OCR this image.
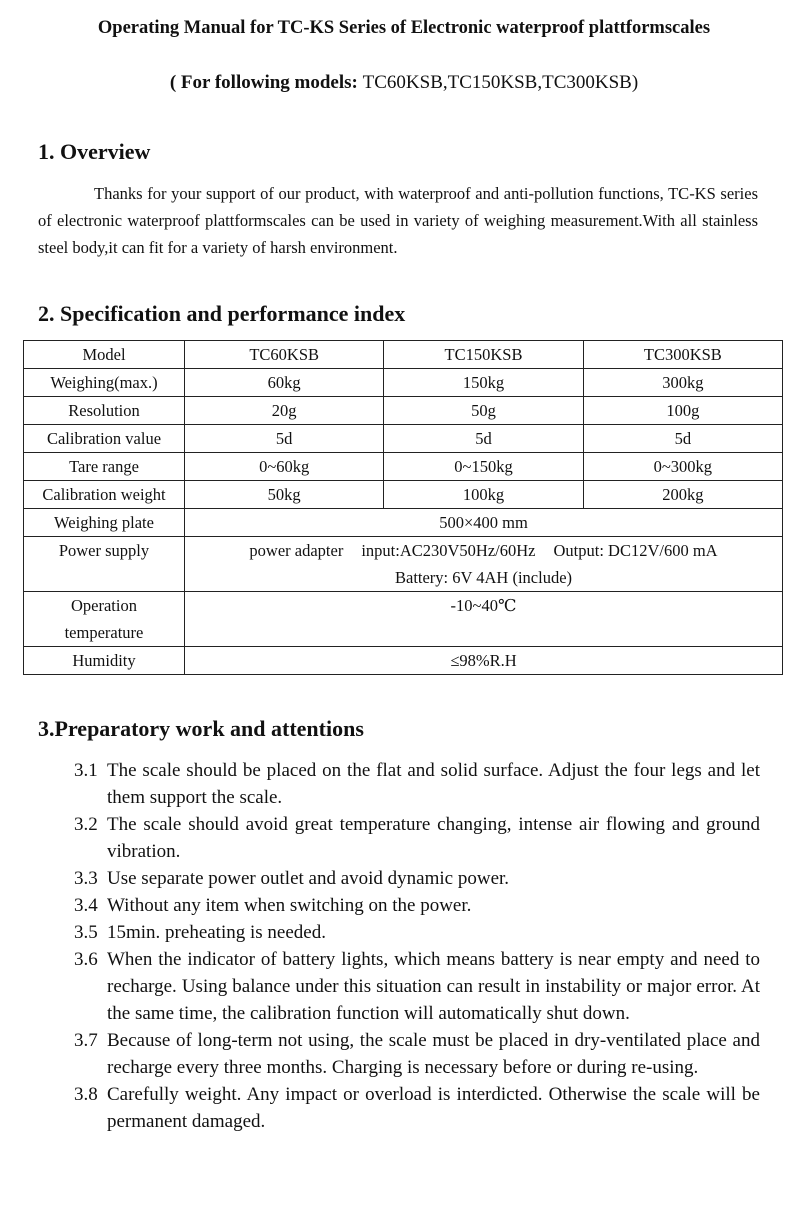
Operating Manual for TC-KS Series of Electronic waterproof plattformscales
( For following models: TC60KSB,TC150KSB,TC300KSB)
1. Overview

Thanks for your support of our product, with waterproof and anti-pollution functions, TC-KS series of electronic waterproof plattformscales can be used in variety of weighing measurement.With all stainless steel body,it can fit for a variety of harsh environment.

2. Specification and performance index
Model	TC60KSB	TC150KSB	TC300KSB
Weighing(max.)	60kg	150kg	300kg
Resolution	20g	50g	100g
Calibration value	5d	5d	5d
Tare range	0~60kg	0~150kg	0~300kg
Calibration weight	50kg	100kg	200kg
Weighing plate	500×400 mm		
Power supply	power adapter input:AC230V50Hz/60Hz Output: DC12V/600 mA
Battery: 6V 4AH (include)		

Operation
temperature	-10~40℃		
Humidity	≤98%R.H		
3.Preparatory work and attentions
3.1 The scale should be placed on the flat and solid surface. Adjust the four legs and let them support the scale.
3.2 The scale should avoid great temperature changing, intense air flowing and ground vibration.
3.3 Use separate power outlet and avoid dynamic power.
3.4 Without any item when switching on the power.
3.5 15min. preheating is needed.
3.6 When the indicator of battery lights, which means battery is near empty and need to recharge. Using balance under this situation can result in instability or major error. At the same time, the calibration function will automatically shut down.
3.7 Because of long-term not using, the scale must be placed in dry-ventilated place and recharge every three months. Charging is necessary before or during re-using.
3.8 Carefully weight. Any impact or overload is interdicted. Otherwise the scale will be permanent damaged.
